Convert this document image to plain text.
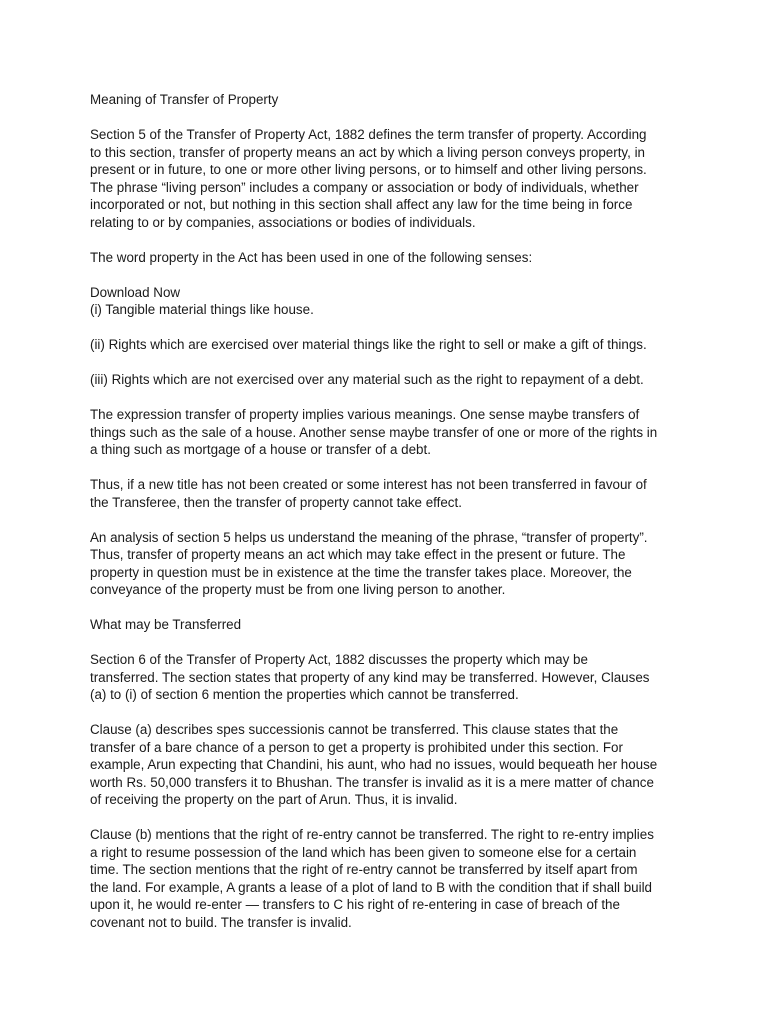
Meaning of Transfer of Property

Section 5 of the Transfer of Property Act, 1882 defines the term transfer of property. According
to this section, transfer of property means an act by which a living person conveys property, in
present or in future, to one or more other living persons, or to himself and other living persons.
The phrase “living person” includes a company or association or body of individuals, whether
incorporated or not, but nothing in this section shall affect any law for the time being in force
relating to or by companies, associations or bodies of individuals.

The word property in the Act has been used in one of the following senses:

Download Now
(i) Tangible material things like house.

(ii) Rights which are exercised over material things like the right to sell or make a gift of things.

(iii) Rights which are not exercised over any material such as the right to repayment of a debt.

The expression transfer of property implies various meanings. One sense maybe transfers of
things such as the sale of a house. Another sense maybe transfer of one or more of the rights in
a thing such as mortgage of a house or transfer of a debt.

Thus, if a new title has not been created or some interest has not been transferred in favour of
the Transferee, then the transfer of property cannot take effect.

An analysis of section 5 helps us understand the meaning of the phrase, “transfer of property”.
Thus, transfer of property means an act which may take effect in the present or future. The
property in question must be in existence at the time the transfer takes place. Moreover, the
conveyance of the property must be from one living person to another.

What may be Transferred

Section 6 of the Transfer of Property Act, 1882 discusses the property which may be
transferred. The section states that property of any kind may be transferred. However, Clauses
(a) to (i) of section 6 mention the properties which cannot be transferred.

Clause (a) describes spes successionis cannot be transferred. This clause states that the
transfer of a bare chance of a person to get a property is prohibited under this section. For
example, Arun expecting that Chandini, his aunt, who had no issues, would bequeath her house
worth Rs. 50,000 transfers it to Bhushan. The transfer is invalid as it is a mere matter of chance
of receiving the property on the part of Arun. Thus, it is invalid.

Clause (b) mentions that the right of re-entry cannot be transferred. The right to re-entry implies
a right to resume possession of the land which has been given to someone else for a certain
time. The section mentions that the right of re-entry cannot be transferred by itself apart from
the land. For example, A grants a lease of a plot of land to B with the condition that if shall build
upon it, he would re-enter — transfers to C his right of re-entering in case of breach of the
covenant not to build. The transfer is invalid.
